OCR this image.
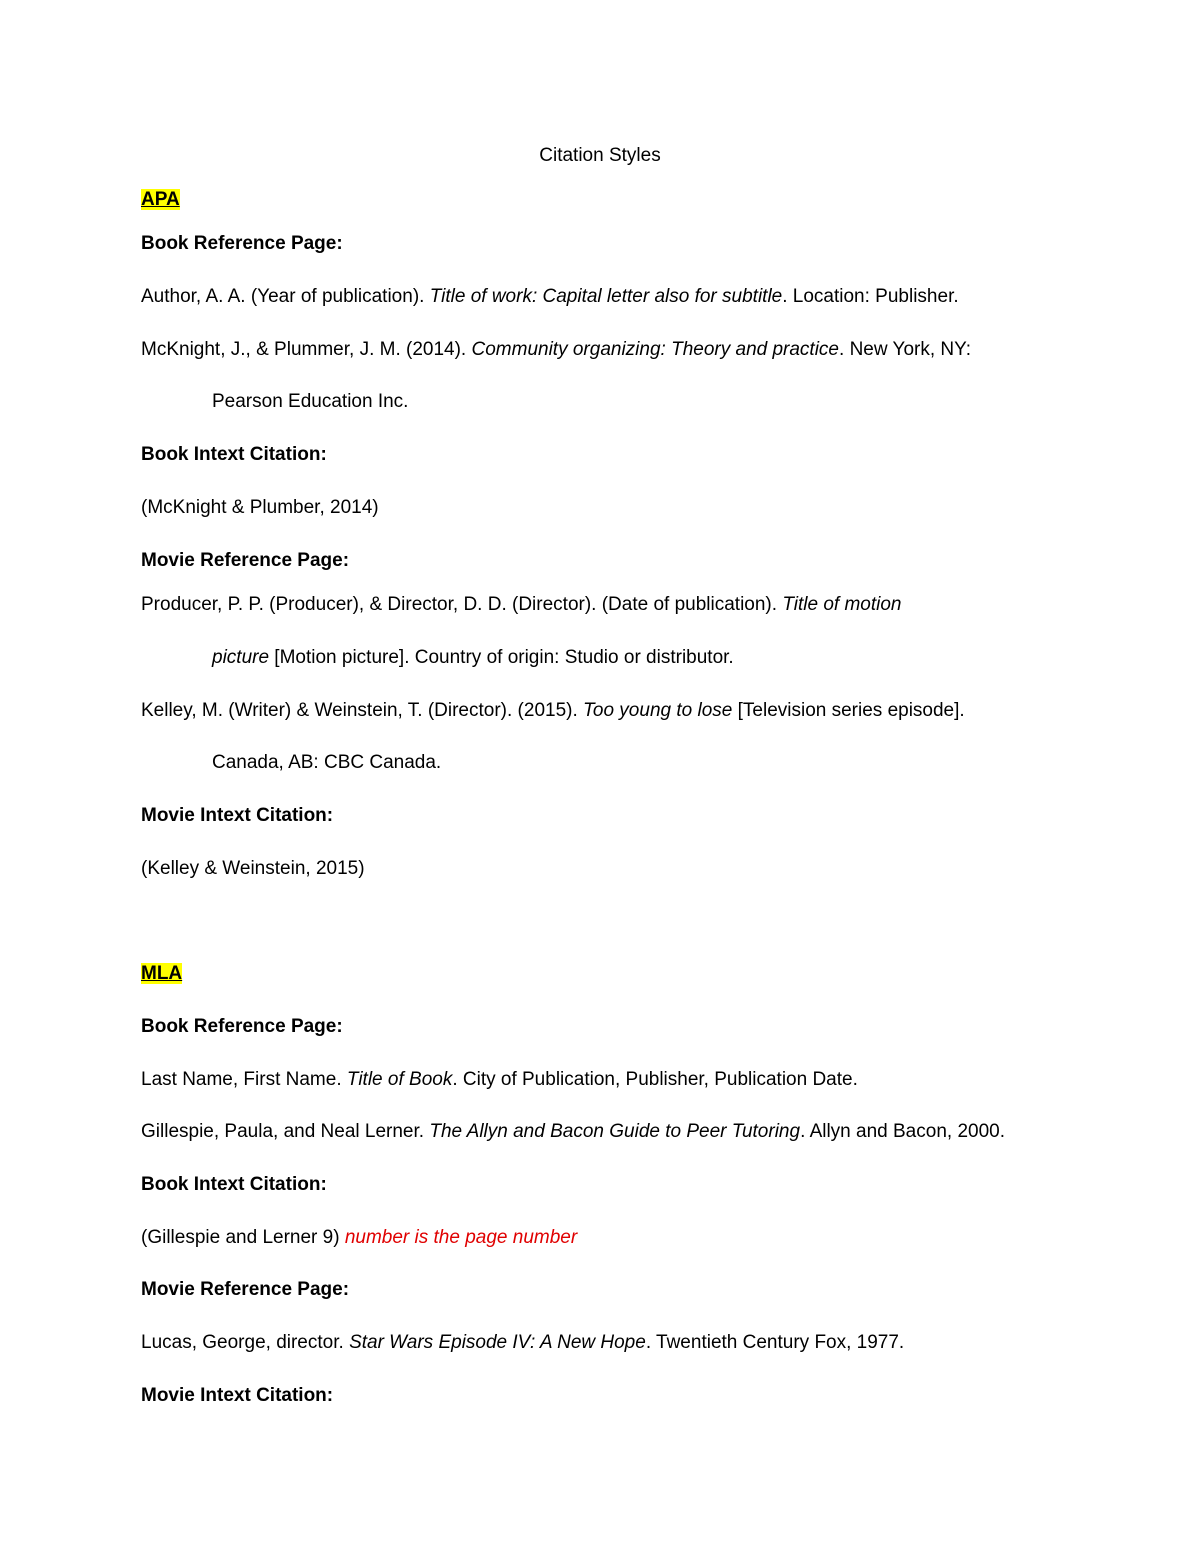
Citation Styles
APA
Book Reference Page:
Author, A. A. (Year of publication). Title of work: Capital letter also for subtitle. Location: Publisher.
McKnight, J., & Plummer, J. M. (2014). Community organizing: Theory and practice. New York, NY:
Pearson Education Inc.
Book Intext Citation:
(McKnight & Plumber, 2014)
Movie Reference Page:
Producer, P. P. (Producer), & Director, D. D. (Director). (Date of publication). Title of motion
picture [Motion picture]. Country of origin: Studio or distributor.
Kelley, M. (Writer) & Weinstein, T. (Director). (2015). Too young to lose [Television series episode].
Canada, AB: CBC Canada.
Movie Intext Citation:
(Kelley & Weinstein, 2015)
MLA
Book Reference Page:
Last Name, First Name. Title of Book. City of Publication, Publisher, Publication Date.
Gillespie, Paula, and Neal Lerner. The Allyn and Bacon Guide to Peer Tutoring. Allyn and Bacon, 2000.
Book Intext Citation:
(Gillespie and Lerner 9) number is the page number
Movie Reference Page:
Lucas, George, director. Star Wars Episode IV: A New Hope. Twentieth Century Fox, 1977.
Movie Intext Citation:
